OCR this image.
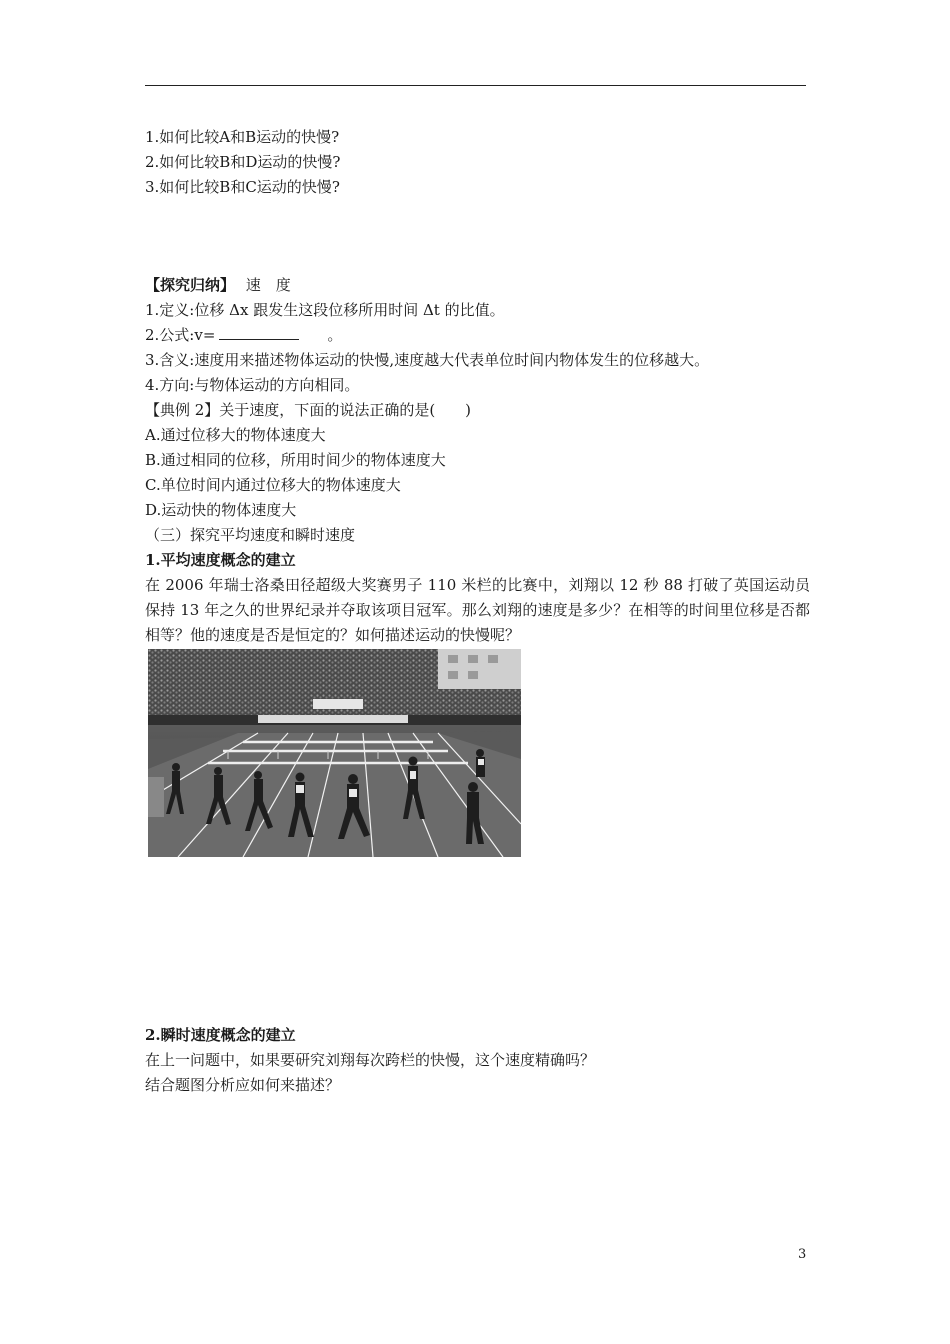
1.如何比较A和B运动的快慢?
2.如何比较B和D运动的快慢?
3.如何比较B和C运动的快慢?
【探究归纳】 速　度
1.定义:位移 Δx 跟发生这段位移所用时间 Δt 的比值。
2.公式:v=	。
3.含义:速度用来描述物体运动的快慢,速度越大代表单位时间内物体发生的位移越大。
4.方向:与物体运动的方向相同。
【典例 2】关于速度，下面的说法正确的是(　　)
A.通过位移大的物体速度大
B.通过相同的位移，所用时间少的物体速度大
C.单位时间内通过位移大的物体速度大
D.运动快的物体速度大
（三）探究平均速度和瞬时速度
1.平均速度概念的建立
在 2006 年瑞士洛桑田径超级大奖赛男子 110 米栏的比赛中，刘翔以 12 秒 88 打破了英国运动员保持 13 年之久的世界纪录并夺取该项目冠军。那么刘翔的速度是多少？在相等的时间里位移是否都相等？他的速度是否是恒定的？如何描述运动的快慢呢？
2.瞬时速度概念的建立
在上一问题中，如果要研究刘翔每次跨栏的快慢，这个速度精确吗？
结合题图分析应如何来描述？
3
